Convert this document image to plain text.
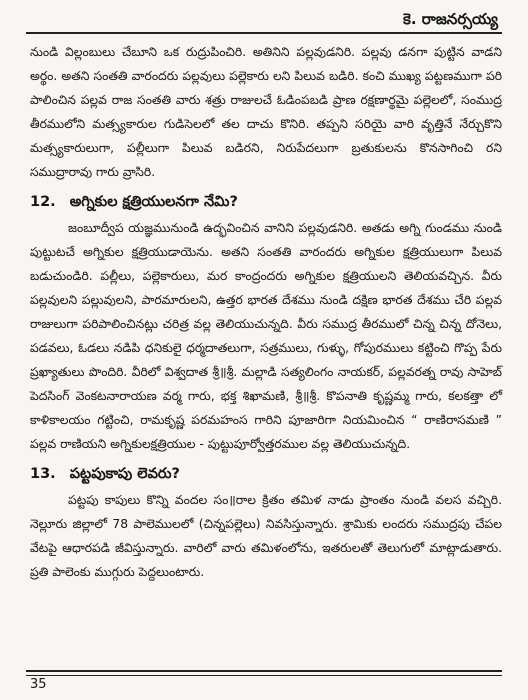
కె. రాజనర్సయ్య

నుండి విల్లంబులు చేబూని ఒక రుద్రుపించిరి. అతినిని పల్లవుడనిరి. పల్లవు డనగా పుట్టిన వాడని అర్థం. అతని సంతతి వారందరు పల్లవులు పల్లెకారు లని పిలువ బడిరి. కంచి ముఖ్య పట్టణముగా పరి పాలించిన పల్లవ రాజ సంతతి వారు శత్రు రాజులచే ఓడింపబడి ప్రాణ రక్షణార్థమై పల్లెలలో, సంముద్ర తీరములోని మత్స్యకారుల గుడిసెలలో తల దాచు కొనిరి. తప్పని సరియై వారి వృత్తినే నేర్చుకొని మత్స్యకారులుగా, పల్లీలుగా పిలువ బడిరని, నిరుపేదలుగా బ్రతుకులను కొనసాగించి రని సముద్రారావు గారు వ్రాసిరి.

12. అగ్నికుల క్షత్రియులనగా నేమి?

జంబూద్వీప యజ్ఞమునుండి ఉద్భవించిన వానిని పల్లవుడనిరి. అతడు అగ్ని గుండము నుండి పుట్టుటచే అగ్నికుల క్షత్రియుడాయెను. అతని సంతతి వారందరు అగ్నికుల క్షత్రియులుగా పిలువ బడుచుండిరి. పల్లీలు, పల్లెకారులు, మర కాంద్రందరు అగ్నికుల క్షత్రియులని తెలియవచ్చిన. వీరు పల్లవులని పల్లువులని, పారమారులని, ఉత్తర భారత దేశము నుండి దక్షిణ భారత దేశము చేరి పల్లవ రాజులుగా పరిపాలించినట్లు చరిత్ర వల్ల తెలియుచున్నది. వీరు సముద్ర తీరములో చిన్న చిన్న దోనెలు, పడవలు, ఓడలు నడిపి ధనికులై ధర్మదాతలుగా, సత్రములు, గుళ్ళు, గోపురములు కట్టించి గొప్ప పేరు ప్రఖ్యాతులు పొందిరి. వీరిలో విశ్వదాత శ్రీ॥శ్రీ. మల్లాడి సత్యలింగం నాయకర్, పల్లవరత్న రావు సాహెబ్ పెదసింగ్ వెంకటనారాయణ వర్మ గారు, భక్త శిఖామణి, శ్రీ॥శ్రీ. కొపనాతి కృష్ణమ్మ గారు, కలకత్తా లో కాళికాలయం గట్టించి, రామకృష్ణ పరమహంస గారిని పూజారిగా నియమించిన “ రాణిరాసమణి ” పల్లవ రాణియని అగ్నికులక్షత్రియుల - పుట్టుపూర్వోత్తరముల వల్ల తెలియుచున్నది.

13. పట్టపుకాపు లెవరు?

పట్టపు కాపులు కొన్ని వందల సం॥రాల క్రితం తమిళ నాడు ప్రాంతం నుండి వలస వచ్చిరి. నెల్లూరు జిల్లాలో 78 పాలెములలో (చిన్నపల్లెలు) నివసిస్తున్నారు. శ్రామికు లందరు సముద్రపు చేపల వేటపై ఆధారపడి జీవిస్తున్నారు. వారిలో వారు తమిళంలోను, ఇతరులతో తెలుగులో మాట్లాడుతారు. ప్రతి పాలెంకు ముగ్గురు పెద్దలుంటారు.

35
